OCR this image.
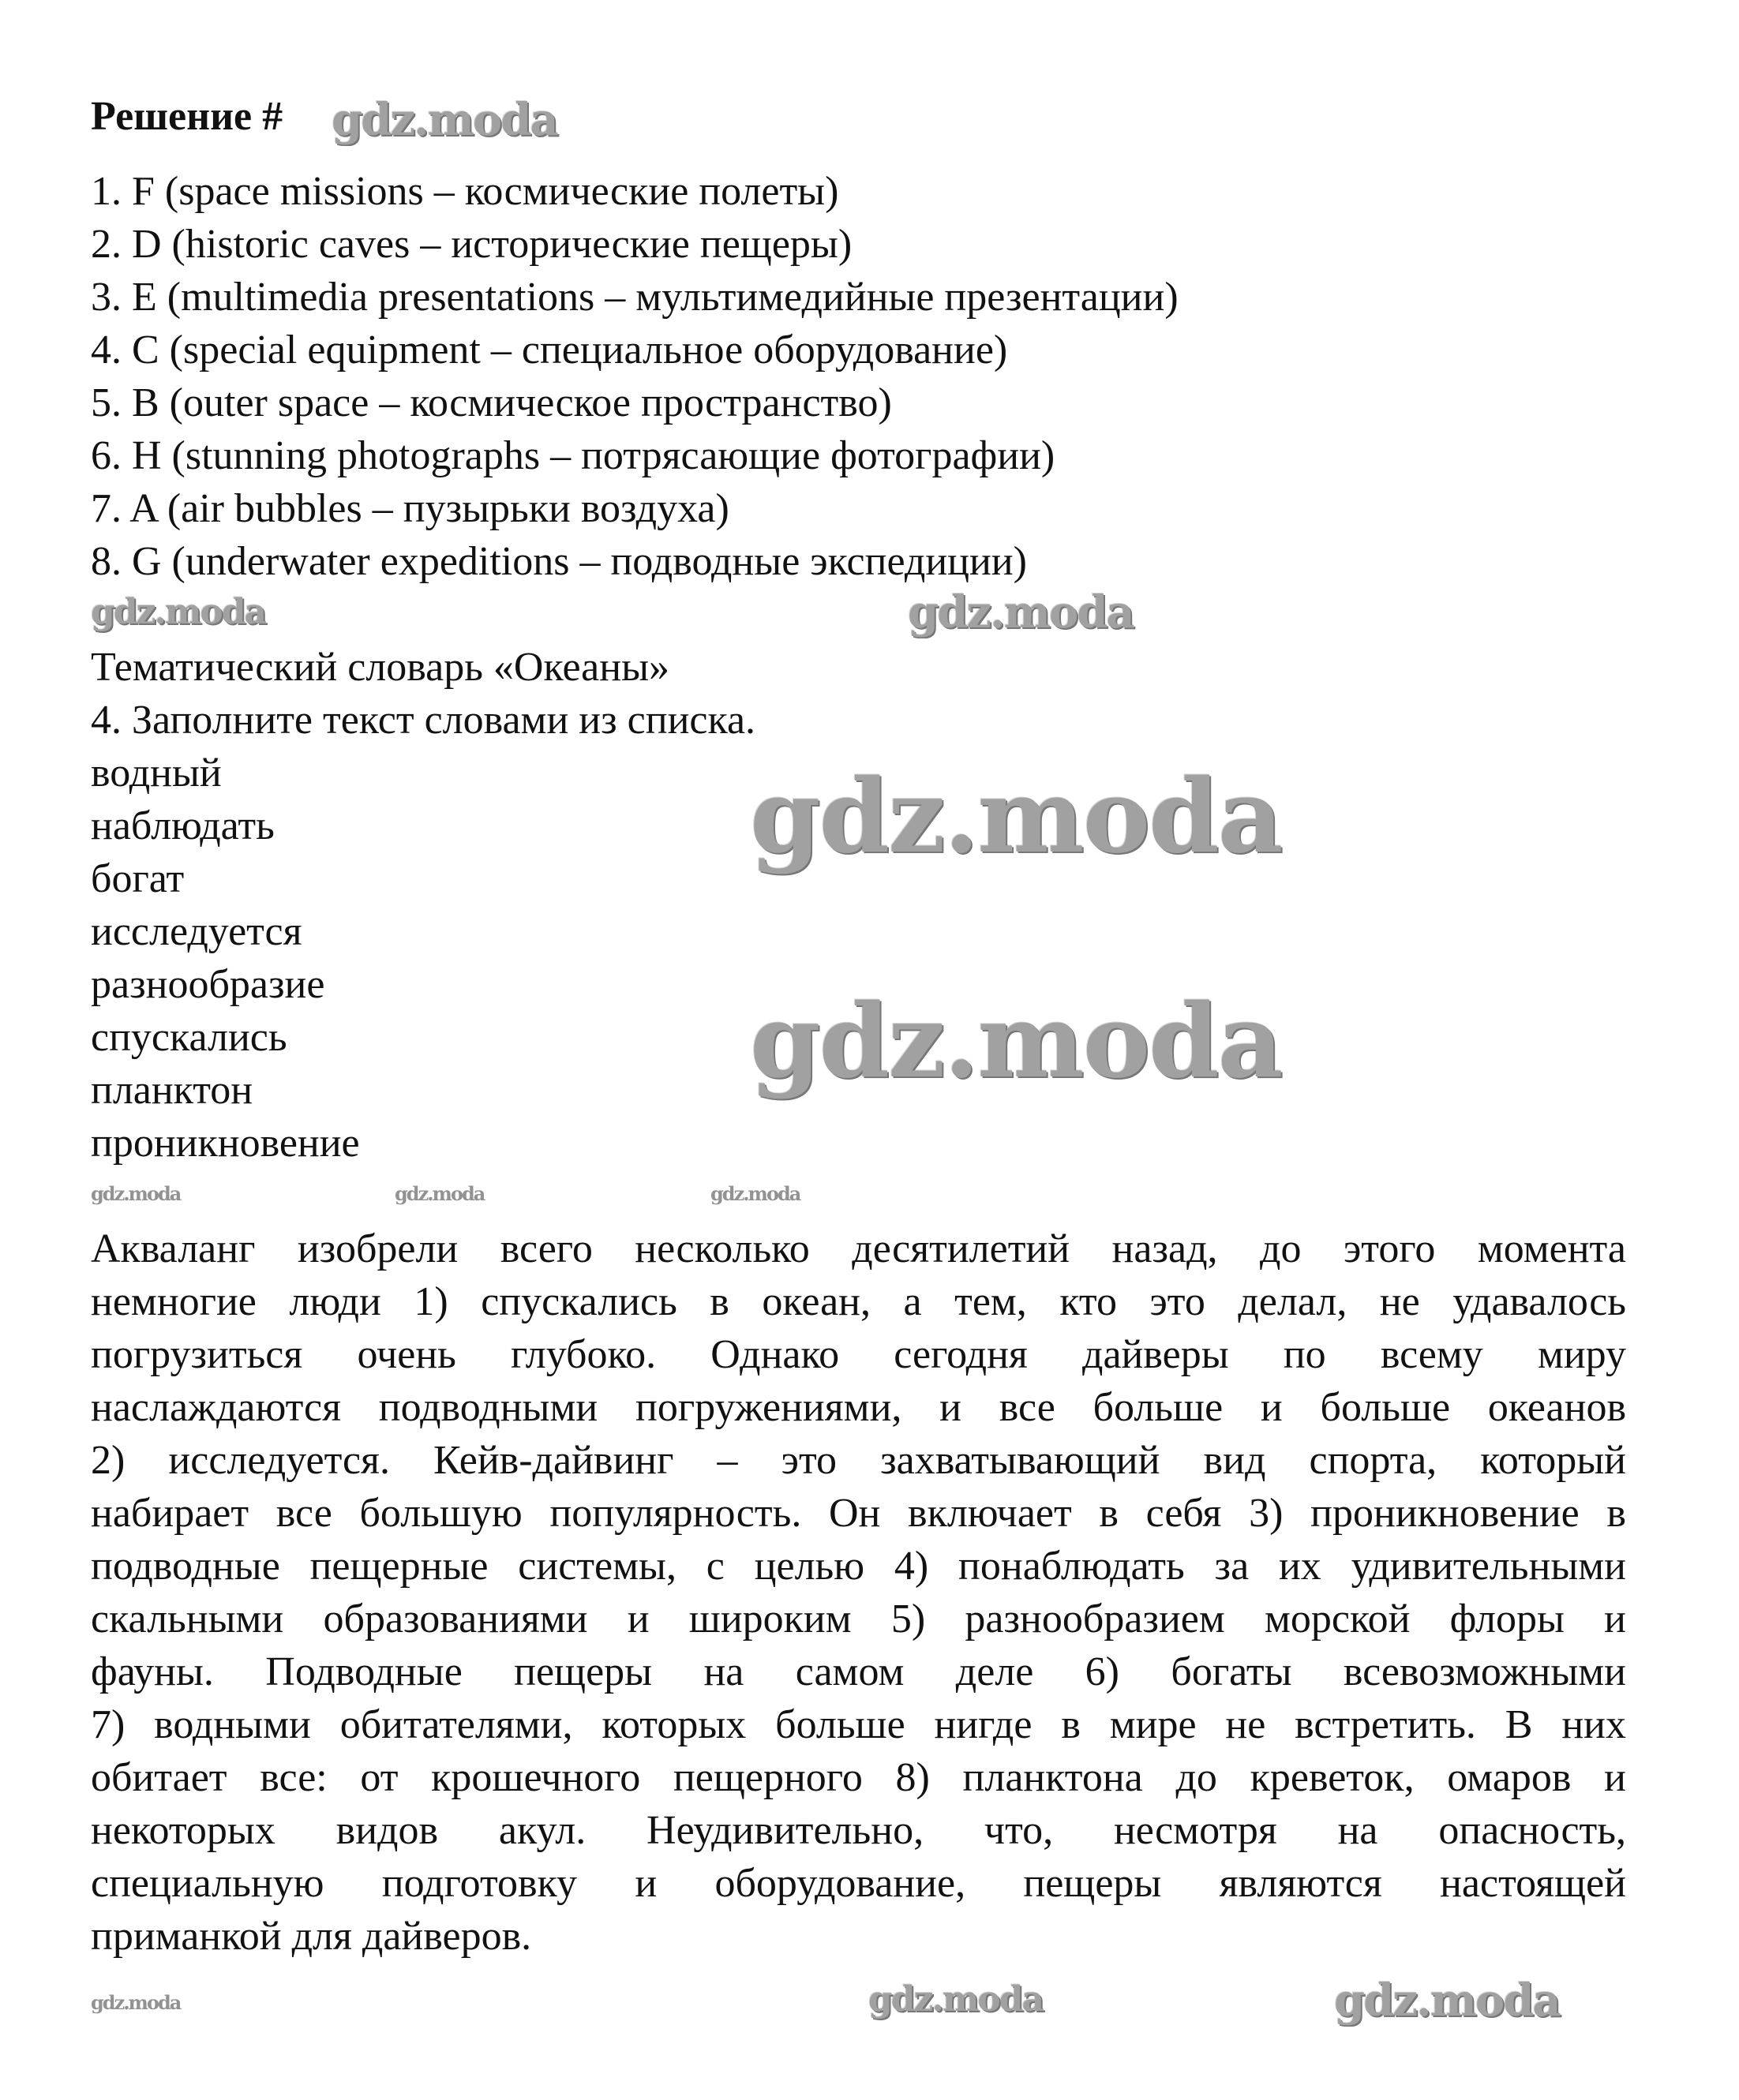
Решение #
1. F (space missions – космические полеты)
2. D (historic caves – исторические пещеры)
3. E (multimedia presentations – мультимедийные презентации)
4. C (special equipment – специальное оборудование)
5. B (outer space – космическое пространство)
6. H (stunning photographs – потрясающие фотографии)
7. A (air bubbles – пузырьки воздуха)
8. G (underwater expeditions – подводные экспедиции)
Тематический словарь «Океаны»
4. Заполните текст словами из списка.
водный
наблюдать
богат
исследуется
разнообразие
спускались
планктон
проникновение
Акваланг изобрели всего несколько десятилетий назад, до этого момента
немногие люди 1) спускались в океан, а тем, кто это делал, не удавалось
погрузиться очень глубоко. Однако сегодня дайверы по всему миру
наслаждаются подводными погружениями, и все больше и больше океанов
2) исследуется. Кейв-дайвинг – это захватывающий вид спорта, который
набирает все большую популярность. Он включает в себя 3) проникновение в
подводные пещерные системы, с целью 4) понаблюдать за их удивительными
скальными образованиями и широким 5) разнообразием морской флоры и
фауны. Подводные пещеры на самом деле 6) богаты всевозможными
7) водными обитателями, которых больше нигде в мире не встретить. В них
обитает все: от крошечного пещерного 8) планктона до креветок, омаров и
некоторых видов акул. Неудивительно, что, несмотря на опасность,
специальную подготовку и оборудование, пещеры являются настоящей
приманкой для дайверов.
gdz.moda
gdz.moda
gdz.moda
gdz.moda
gdz.moda
gdz.moda	gdz.moda	gdz.moda
gdz.moda	gdz.moda	gdz.moda
